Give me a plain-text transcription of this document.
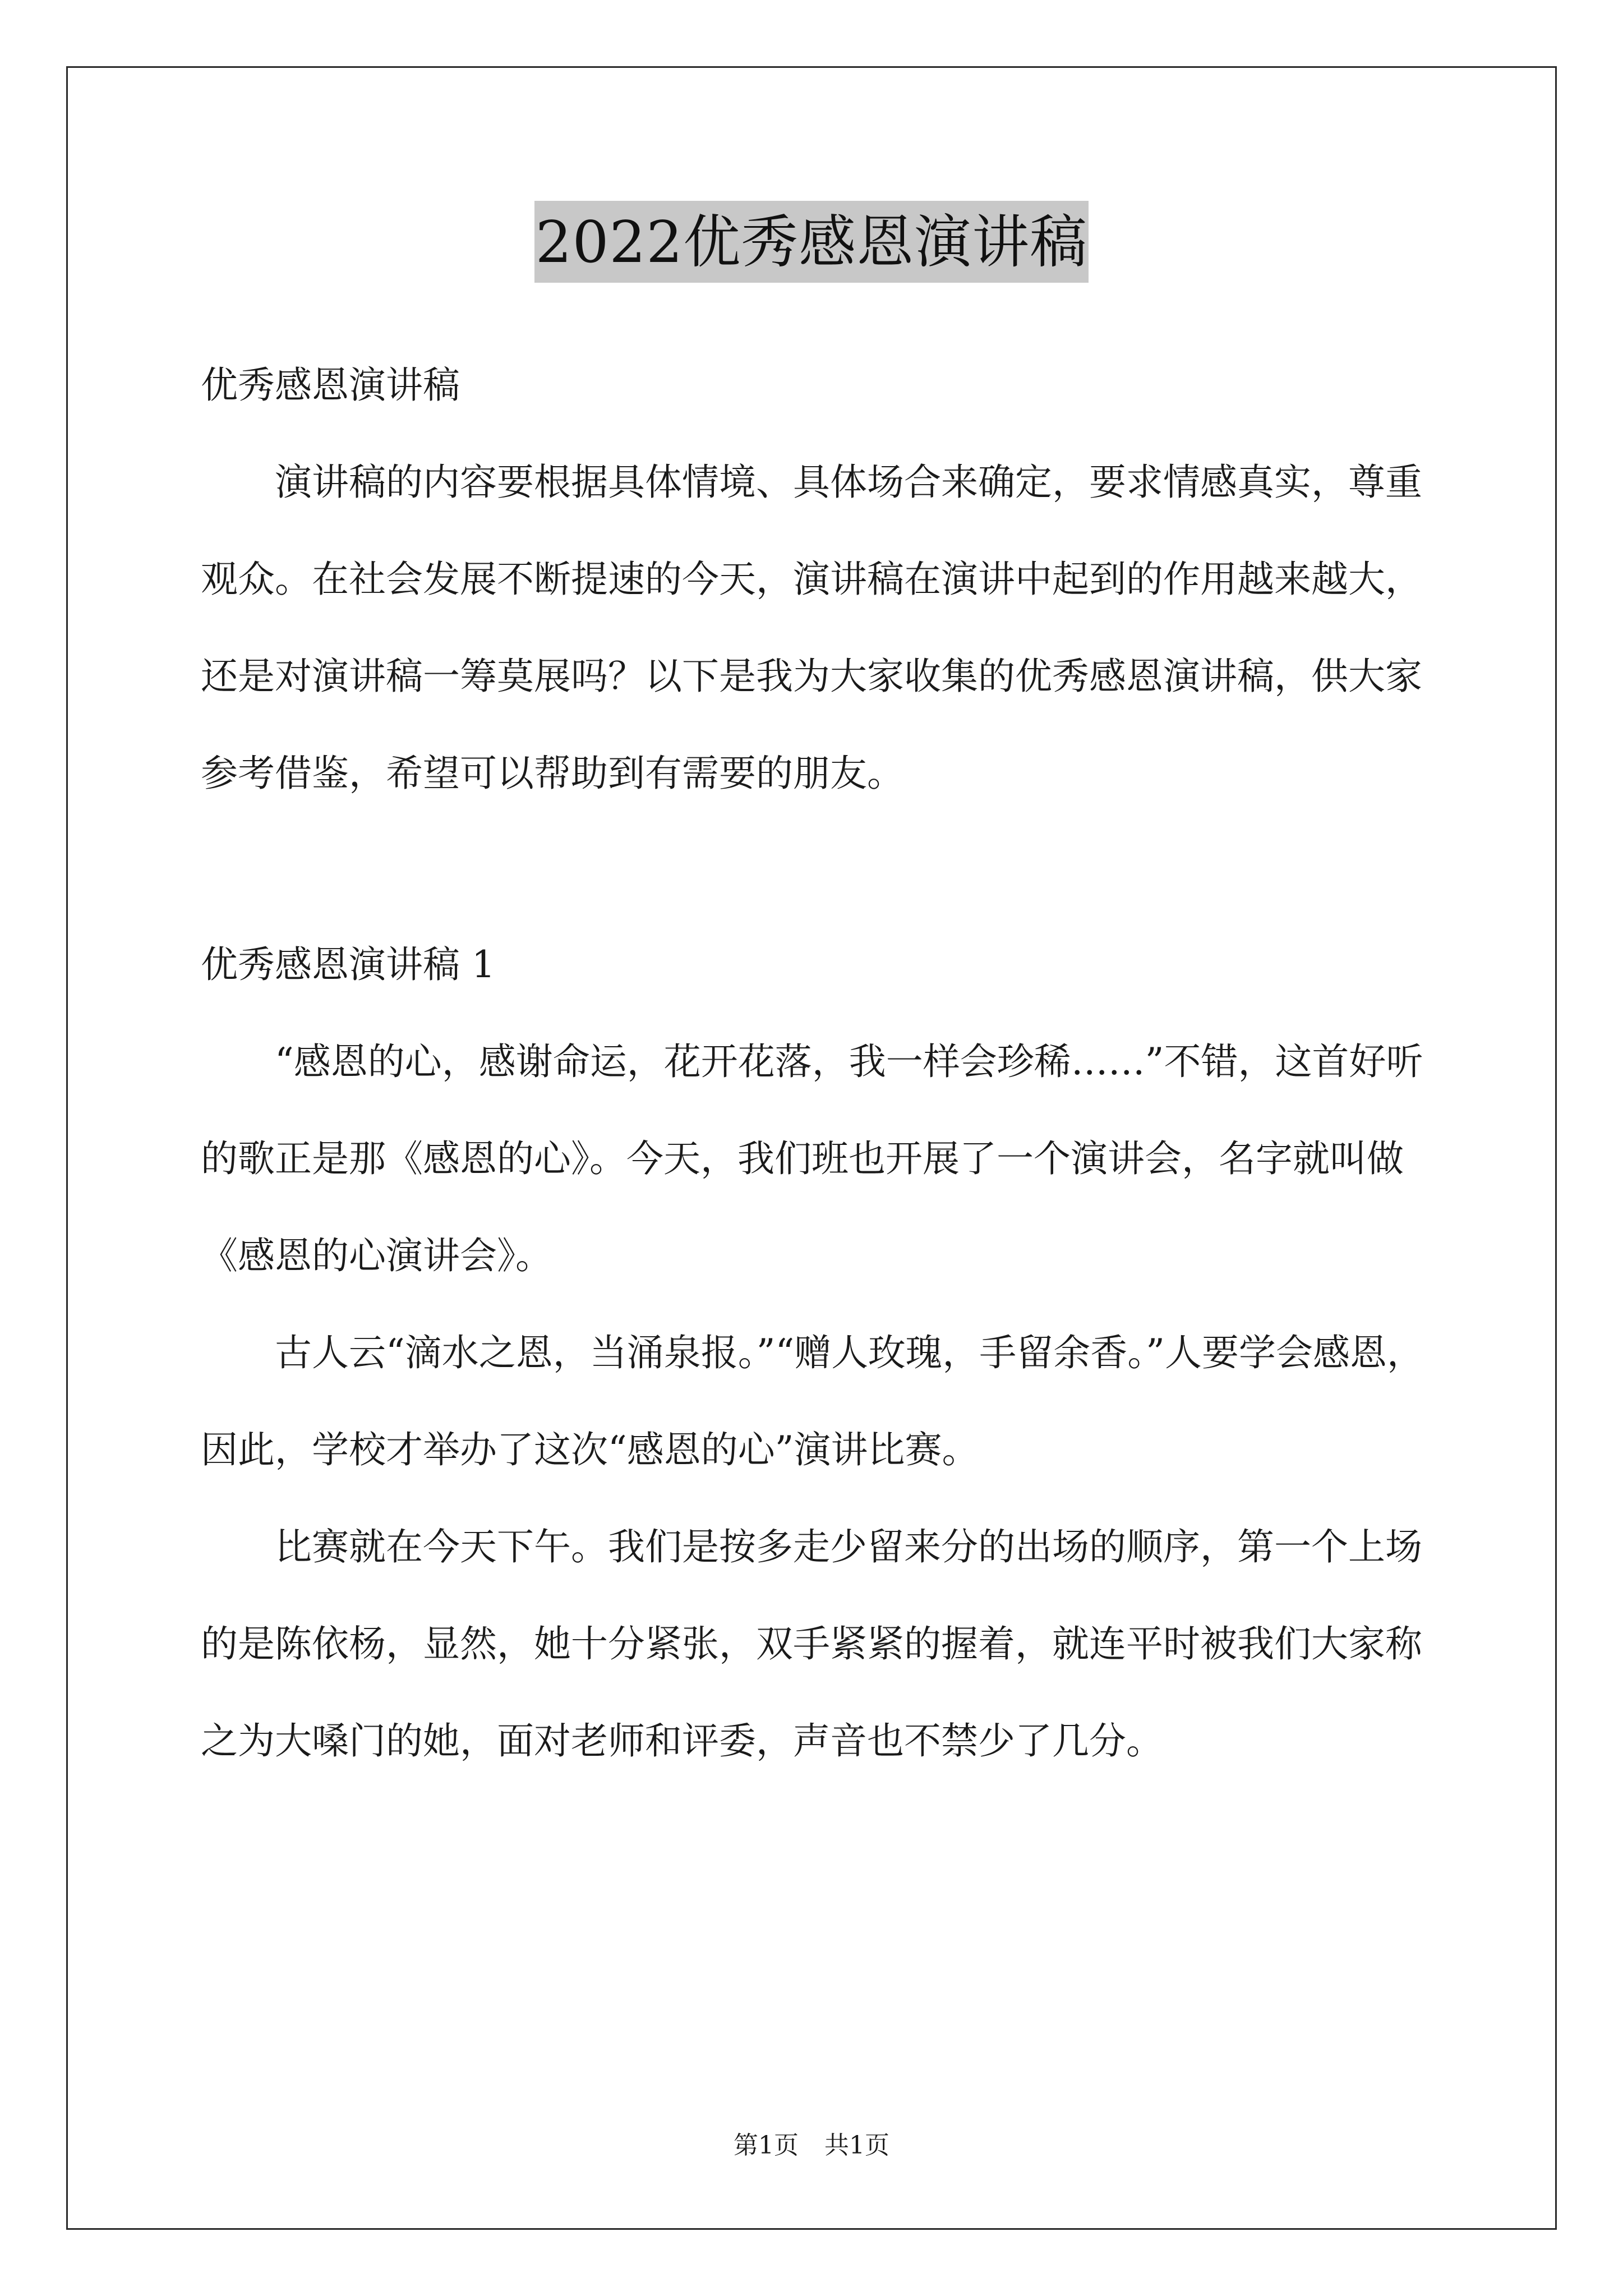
2022优秀感恩演讲稿

优秀感恩演讲稿

演讲稿的内容要根据具体情境、具体场合来确定，要求情感真实，尊重观众。在社会发展不断提速的今天，演讲稿在演讲中起到的作用越来越大，还是对演讲稿一筹莫展吗？以下是我为大家收集的优秀感恩演讲稿，供大家参考借鉴，希望可以帮助到有需要的朋友。

优秀感恩演讲稿 1

“感恩的心，感谢命运，花开花落，我一样会珍稀……”不错，这首好听的歌正是那《感恩的心》。今天，我们班也开展了一个演讲会，名字就叫做《感恩的心演讲会》。

古人云“滴水之恩，当涌泉报。”“赠人玫瑰，手留余香。”人要学会感恩，因此，学校才举办了这次“感恩的心”演讲比赛。

比赛就在今天下午。我们是按多走少留来分的出场的顺序，第一个上场的是陈依杨，显然，她十分紧张，双手紧紧的握着，就连平时被我们大家称之为大嗓门的她，面对老师和评委，声音也不禁少了几分。

第1页 共1页
